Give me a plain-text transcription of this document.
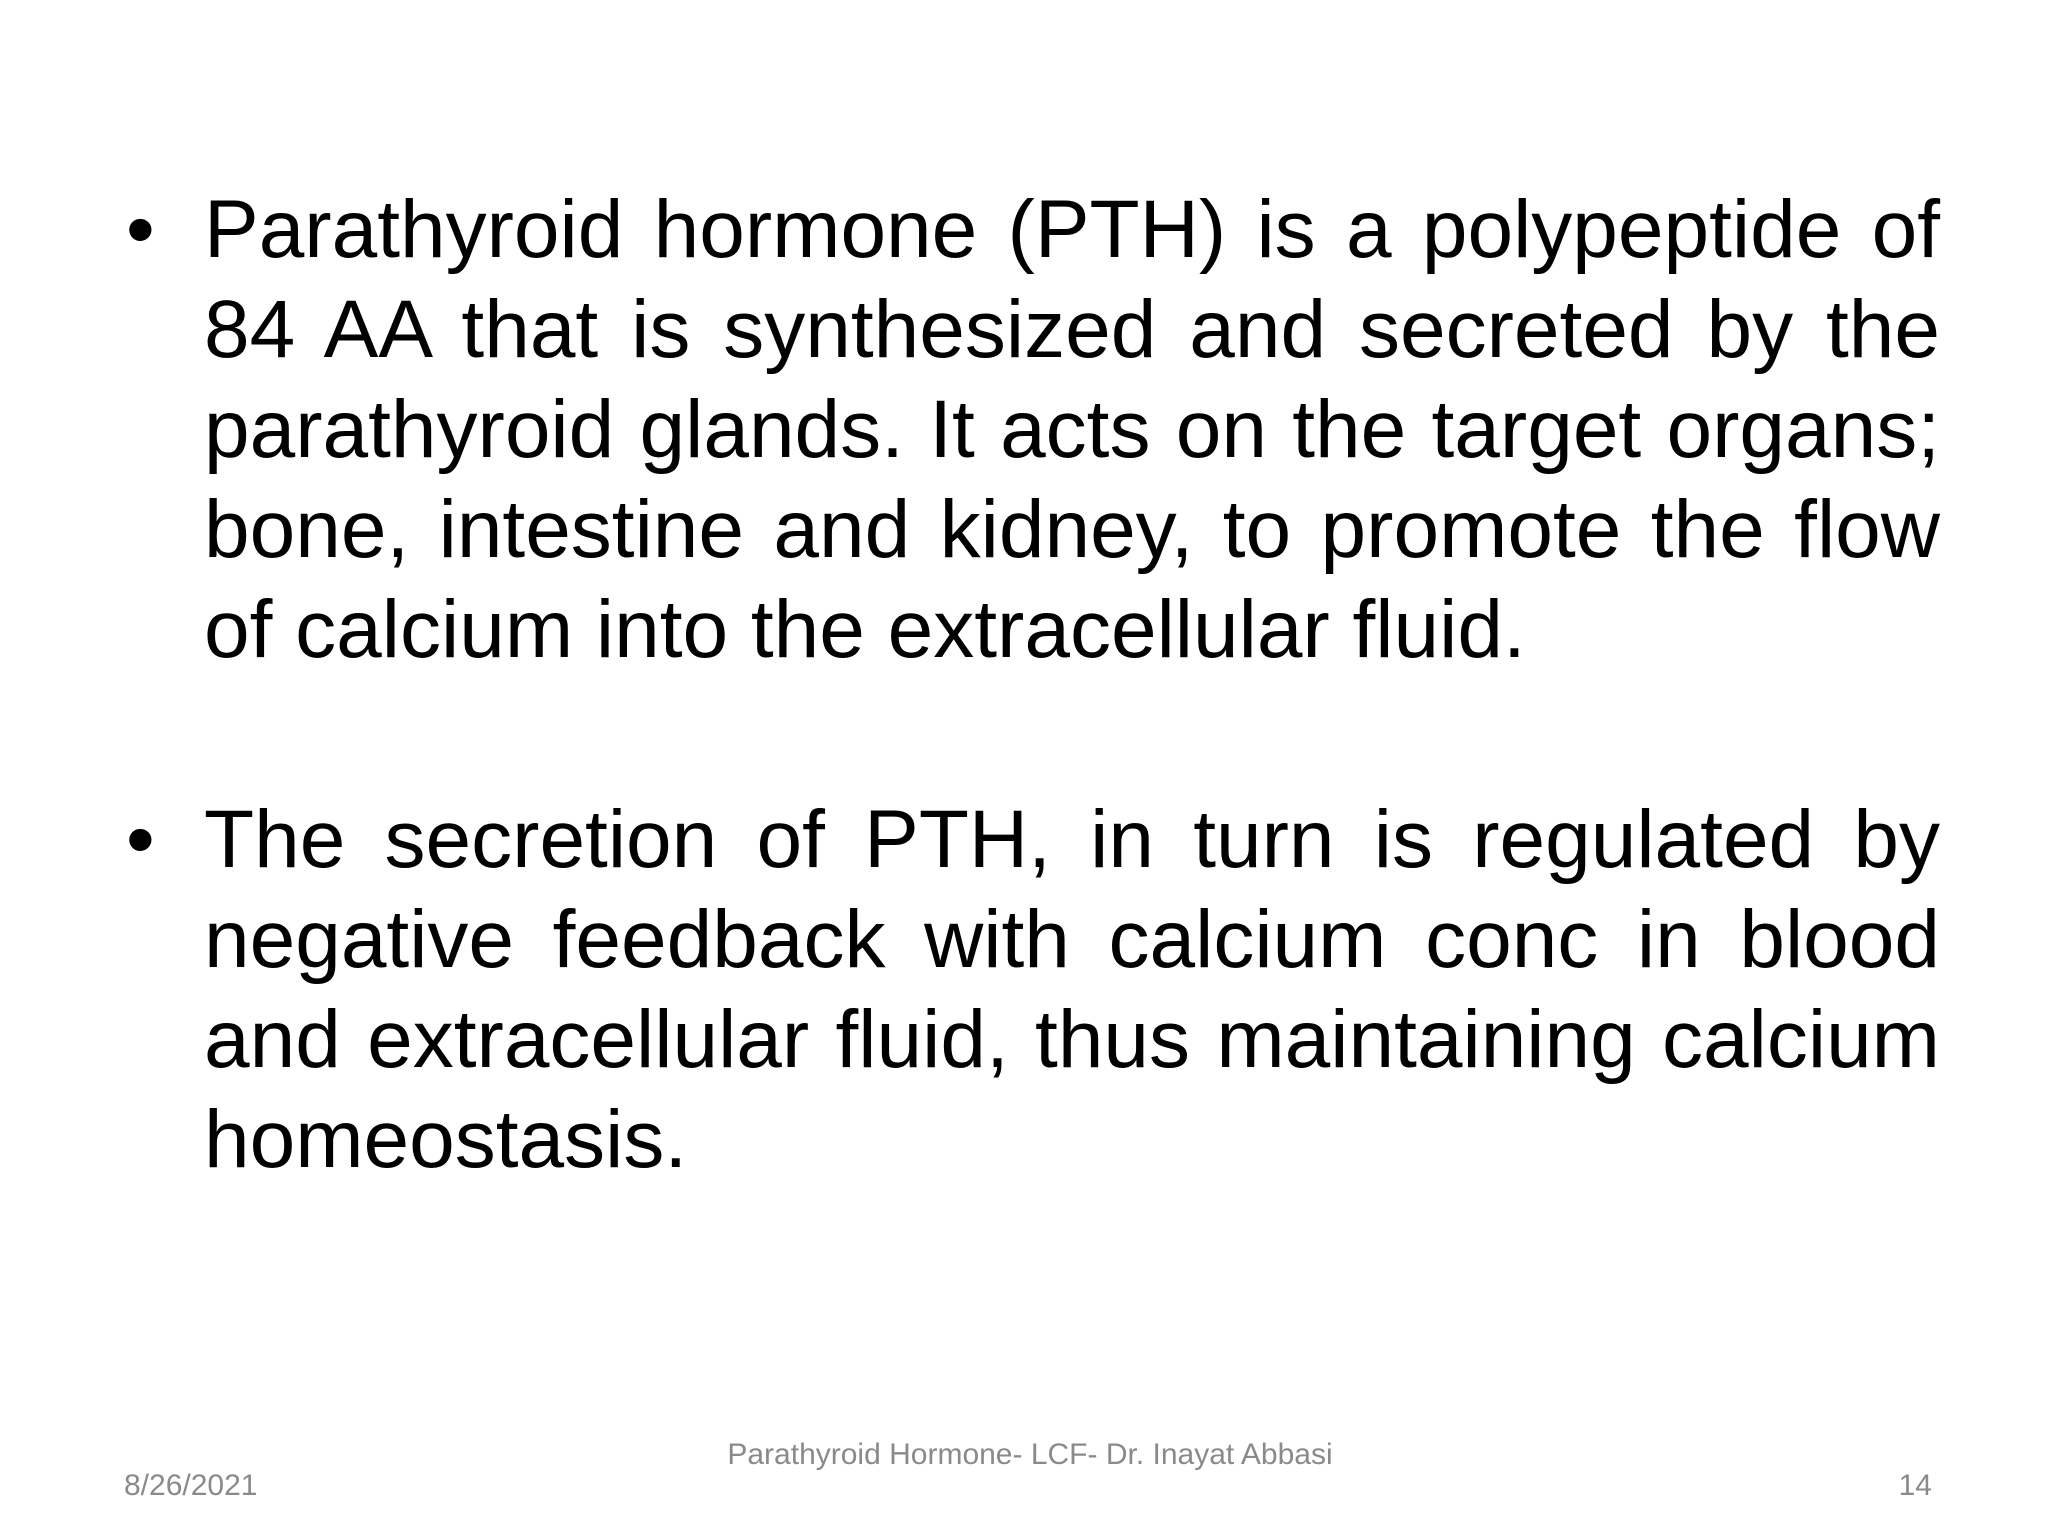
• Parathyroid hormone (PTH) is a polypeptide of 84 AA that is synthesized and secreted by the parathyroid glands. It acts on the target organs; bone, intestine and kidney, to promote the flow of calcium into the extracellular fluid.
• The secretion of PTH, in turn is regulated by negative feedback with calcium conc in blood and extracellular fluid, thus maintaining calcium homeostasis.
8/26/2021
Parathyroid Hormone- LCF- Dr. Inayat Abbasi
14
